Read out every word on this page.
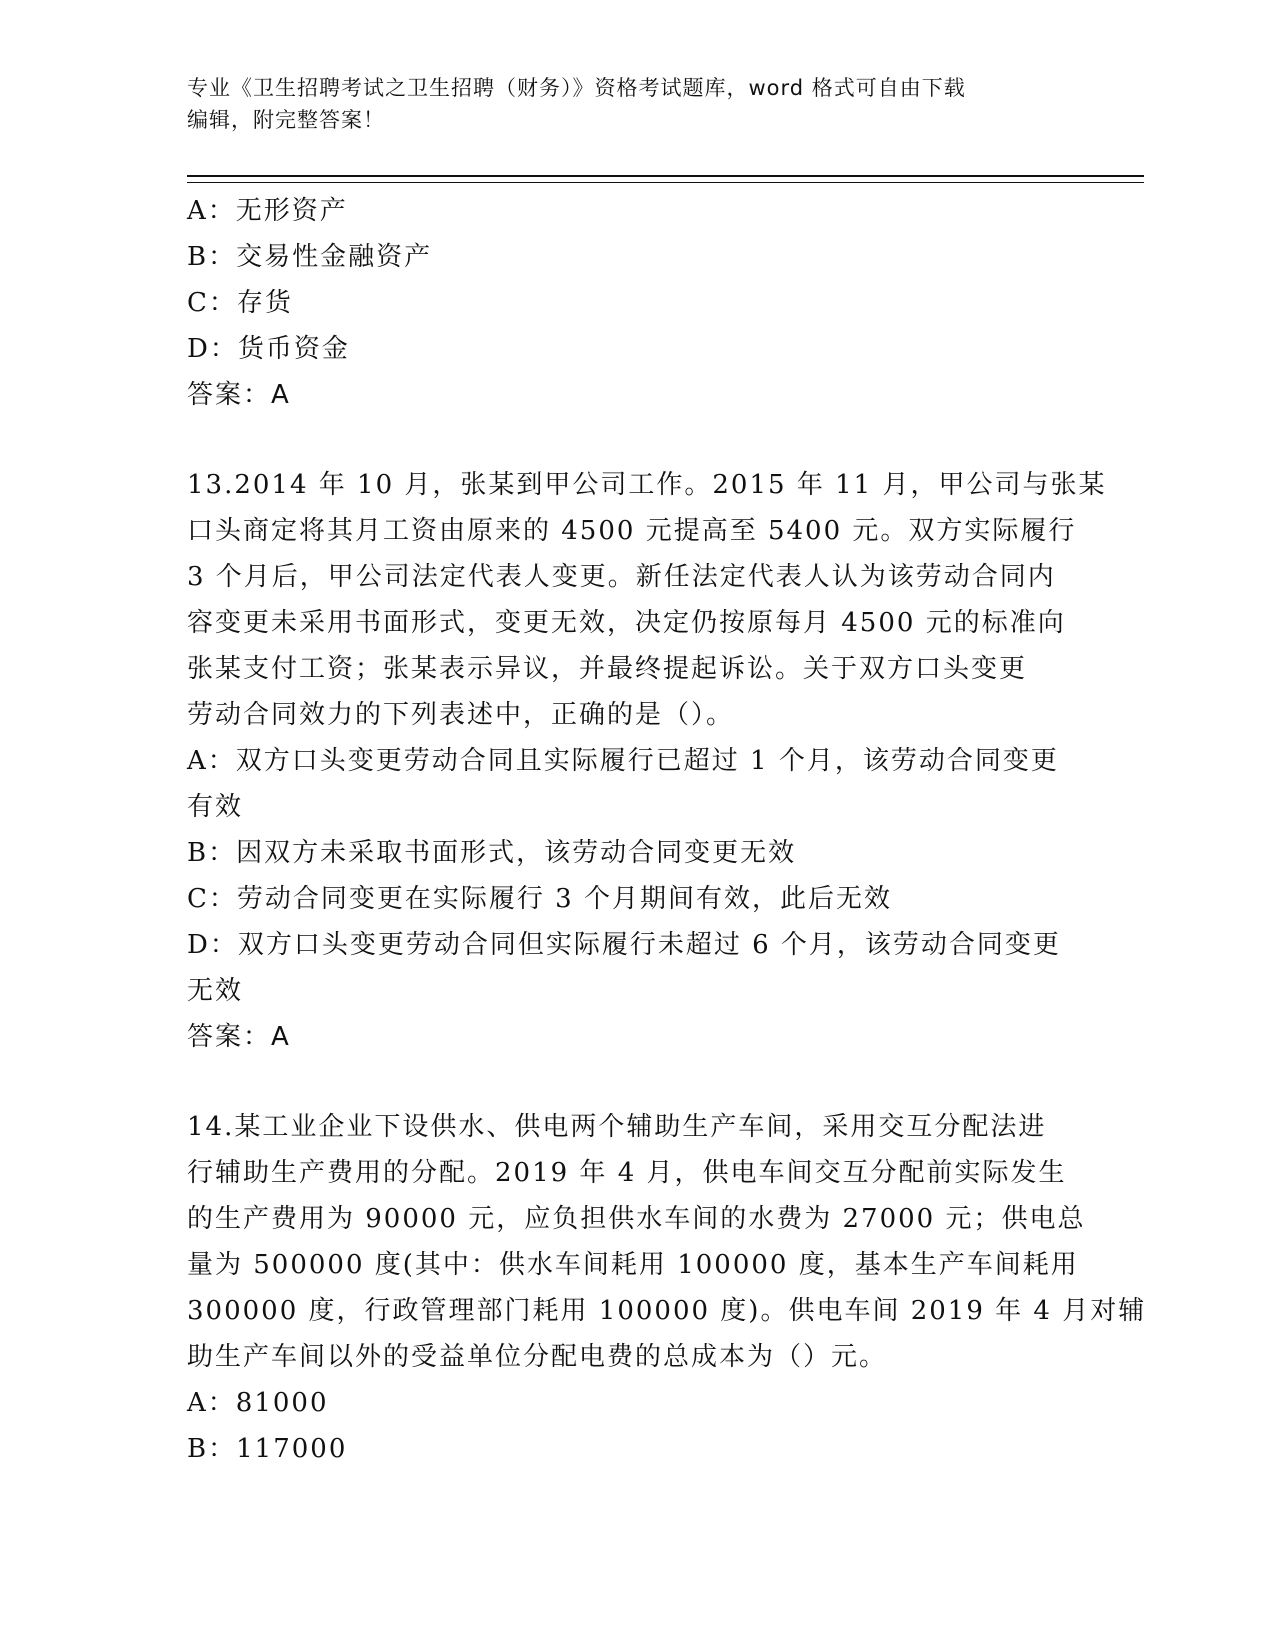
专业《卫生招聘考试之卫生招聘（财务）》资格考试题库，word 格式可自由下载
编辑，附完整答案！
A：无形资产
B：交易性金融资产
C：存货
D：货币资金
答案：A
13.2014 年 10 月，张某到甲公司工作。2015 年 11 月，甲公司与张某
口头商定将其月工资由原来的 4500 元提高至 5400 元。双方实际履行
3 个月后，甲公司法定代表人变更。新任法定代表人认为该劳动合同内
容变更未采用书面形式，变更无效，决定仍按原每月 4500 元的标准向
张某支付工资；张某表示异议，并最终提起诉讼。关于双方口头变更
劳动合同效力的下列表述中，正确的是（）。
A：双方口头变更劳动合同且实际履行已超过 1 个月，该劳动合同变更
有效
B：因双方未采取书面形式，该劳动合同变更无效
C：劳动合同变更在实际履行 3 个月期间有效，此后无效
D：双方口头变更劳动合同但实际履行未超过 6 个月，该劳动合同变更
无效
答案：A
14.某工业企业下设供水、供电两个辅助生产车间，采用交互分配法进
行辅助生产费用的分配。2019 年 4 月，供电车间交互分配前实际发生
的生产费用为 90000 元，应负担供水车间的水费为 27000 元；供电总
量为 500000 度(其中：供水车间耗用 100000 度，基本生产车间耗用
300000 度，行政管理部门耗用 100000 度)。供电车间 2019 年 4 月对辅
助生产车间以外的受益单位分配电费的总成本为（）元。
A：81000
B：117000
